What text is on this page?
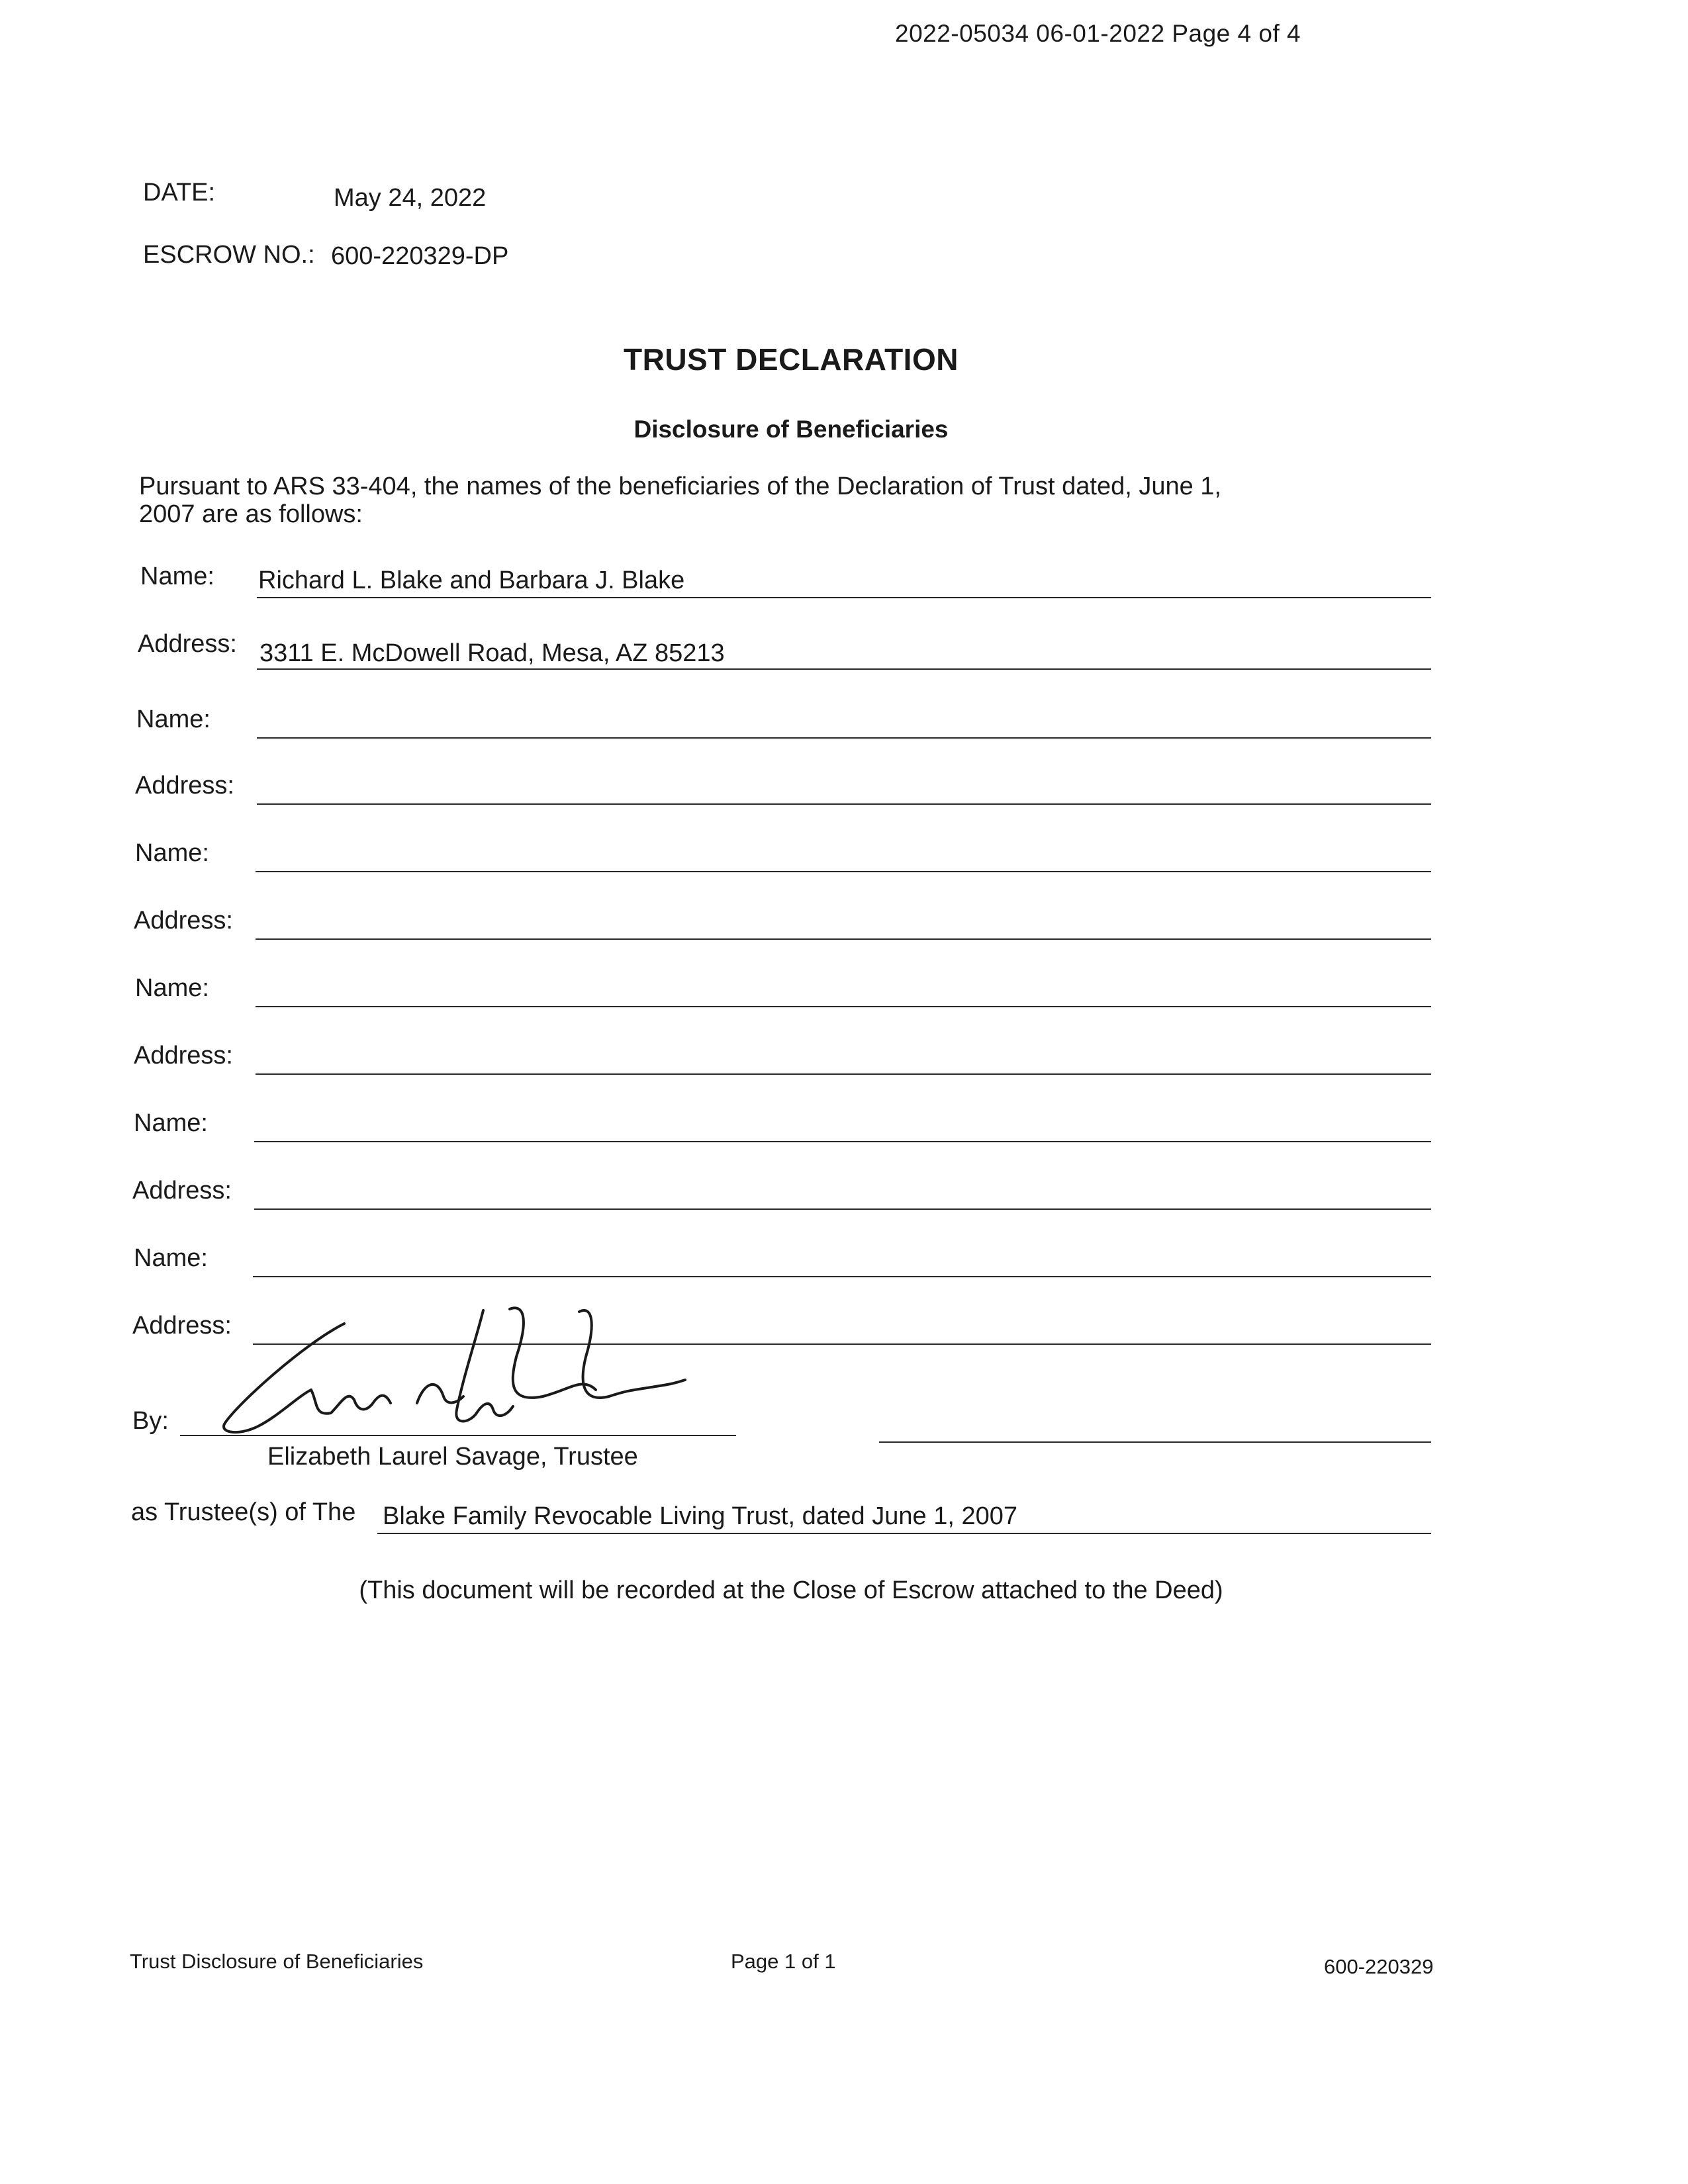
2022-05034 06-01-2022 Page 4 of 4
DATE:	May 24, 2022
ESCROW NO.: 600-220329-DP
TRUST DECLARATION
Disclosure of Beneficiaries
Pursuant to ARS 33-404, the names of the beneficiaries of the Declaration of Trust dated, June 1, 2007 are as follows:
Name: Richard L. Blake and Barbara J. Blake
Address: 3311 E. McDowell Road, Mesa, AZ 85213
Name:
Address:
Name:
Address:
Name:
Address:
Name:
Address:
Name:
Address:
By:
Elizabeth Laurel Savage, Trustee
as Trustee(s) of The Blake Family Revocable Living Trust, dated June 1, 2007
(This document will be recorded at the Close of Escrow attached to the Deed)
Trust Disclosure of Beneficiaries	Page 1 of 1	600-220329
